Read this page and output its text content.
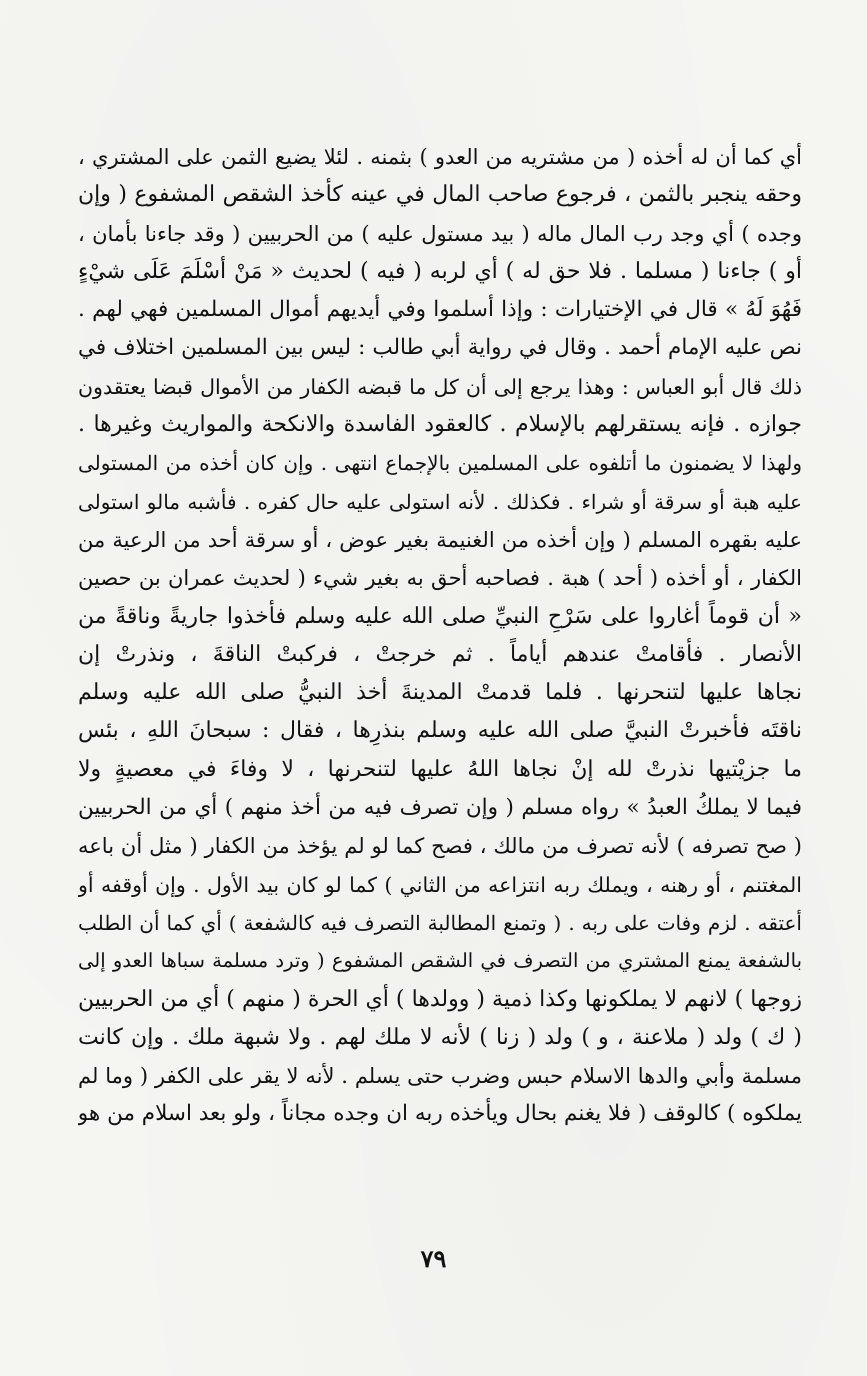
أي كما أن له أخذه ( من مشتريه من العدو ) بثمنه . لئلا يضيع الثمن على المشتري ،
وحقه ينجبر بالثمن ، فرجوع صاحب المال في عينه كأخذ الشقص المشفوع ( وإن
وجده ) أي وجد رب المال ماله ( بيد مستول عليه ) من الحربيين ( وقد جاءنا بأمان ،
أو ) جاءنا ( مسلما . فلا حق له ) أي لربه ( فيه ) لحديث « مَنْ أسْلَمَ عَلَى شيْءٍ
فَهُوَ لَهُ » قال في الإختيارات : وإذا أسلموا وفي أيديهم أموال المسلمين فهي لهم .
نص عليه الإمام أحمد . وقال في رواية أبي طالب : ليس بين المسلمين اختلاف في
ذلك قال أبو العباس : وهذا يرجع إلى أن كل ما قبضه الكفار من الأموال قبضا يعتقدون
جوازه . فإنه يستقرلهم بالإسلام . كالعقود الفاسدة والانكحة والمواريث وغيرها .
ولهذا لا يضمنون ما أتلفوه على المسلمين بالإجماع انتهى . وإن كان أخذه من المستولى
عليه هبة أو سرقة أو شراء . فكذلك . لأنه استولى عليه حال كفره . فأشبه مالو استولى
عليه بقهره المسلم ( وإن أخذه من الغنيمة بغير عوض ، أو سرقة أحد من الرعية من
الكفار ، أو أخذه ( أحد ) هبة . فصاحبه أحق به بغير شيء ( لحديث عمران بن حصين
« أن قوماً أغاروا على سَرْحِ النبيِّ صلى الله عليه وسلم فأخذوا جاريةً وناقةً من
الأنصار . فأقامتْ عندهم أياماً . ثم خرجتْ ، فركبتْ الناقةَ ، ونذرتْ إن
نجاها عليها لتنحرنها . فلما قدمتْ المدينةَ أخذ النبيُّ صلى الله عليه وسلم
ناقتَه فأخبرتْ النبيَّ صلى الله عليه وسلم بنذرِها ، فقال : سبحانَ اللهِ ، بئس
ما جزيْتيها نذرتْ لله إنْ نجاها اللهُ عليها لتنحرنها ، لا وفاءَ في معصيةٍ ولا
فيما لا يملكُ العبدُ » رواه مسلم ( وإن تصرف فيه من أخذ منهم ) أي من الحربيين
( صح تصرفه ) لأنه تصرف من مالك ، فصح كما لو لم يؤخذ من الكفار ( مثل أن باعه
المغتنم ، أو رهنه ، ويملك ربه انتزاعه من الثاني ) كما لو كان بيد الأول . وإن أوقفه أو
أعتقه . لزم وفات على ربه . ( وتمنع المطالبة التصرف فيه كالشفعة ) أي كما أن الطلب
بالشفعة يمنع المشتري من التصرف في الشقص المشفوع ( وترد مسلمة سباها العدو إلى
زوجها ) لانهم لا يملكونها وكذا ذمية ( وولدها ) أي الحرة ( منهم ) أي من الحربيين
( ك ) ولد ( ملاعنة ، و ) ولد ( زنا ) لأنه لا ملك لهم . ولا شبهة ملك . وإن كانت
مسلمة وأبي والدها الاسلام حبس وضرب حتى يسلم . لأنه لا يقر على الكفر ( وما لم
يملكوه ) كالوقف ( فلا يغنم بحال ويأخذه ربه ان وجده مجاناً ، ولو بعد اسلام من هو
٧٩
